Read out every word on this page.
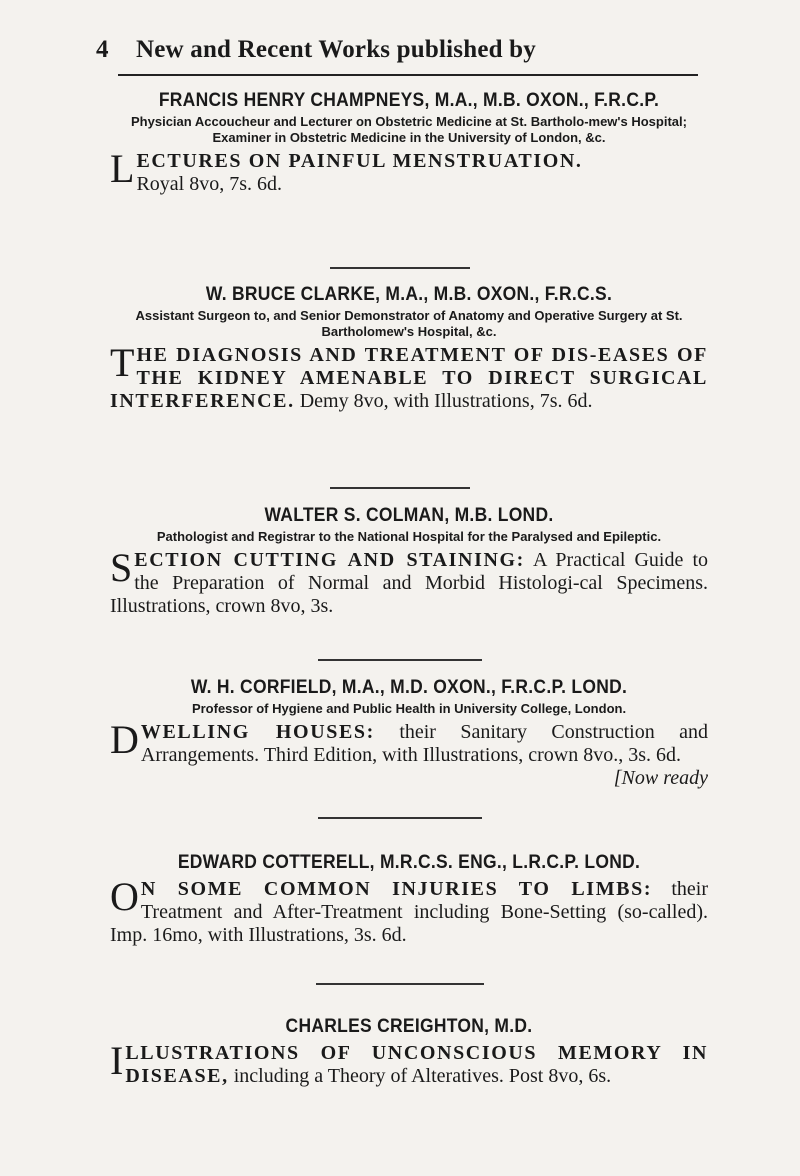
4 New and Recent Works published by
FRANCIS HENRY CHAMPNEYS, M.A., M.B. OXON., F.R.C.P.
Physician Accoucheur and Lecturer on Obstetric Medicine at St. Bartholo-mew's Hospital; Examiner in Obstetric Medicine in the University of London, &c.
LECTURES ON PAINFUL MENSTRUATION.
Royal 8vo, 7s. 6d.
W. BRUCE CLARKE, M.A., M.B. OXON., F.R.C.S.
Assistant Surgeon to, and Senior Demonstrator of Anatomy and Operative Surgery at St. Bartholomew's Hospital, &c.
THE DIAGNOSIS AND TREATMENT OF DIS-EASES OF THE KIDNEY AMENABLE TO DIRECT SURGICAL INTERFERENCE. Demy 8vo, with Illustrations, 7s. 6d.
WALTER S. COLMAN, M.B. LOND.
Pathologist and Registrar to the National Hospital for the Paralysed and Epileptic.
SECTION CUTTING AND STAINING: A Practical Guide to the Preparation of Normal and Morbid Histologi-cal Specimens. Illustrations, crown 8vo, 3s.
W. H. CORFIELD, M.A., M.D. OXON., F.R.C.P. LOND.
Professor of Hygiene and Public Health in University College, London.
DWELLING HOUSES: their Sanitary Construction and Arrangements. Third Edition, with Illustrations, crown 8vo., 3s. 6d.
[Now ready
EDWARD COTTERELL, M.R.C.S. ENG., L.R.C.P. LOND.
O N SOME COMMON INJURIES TO LIMBS: their Treatment and After-Treatment including Bone-Setting (so-called). Imp. 16mo, with Illustrations, 3s. 6d.
CHARLES CREIGHTON, M.D.
ILLUSTRATIONS OF UNCONSCIOUS MEMORY IN DISEASE, including a Theory of Alteratives. Post 8vo, 6s.
